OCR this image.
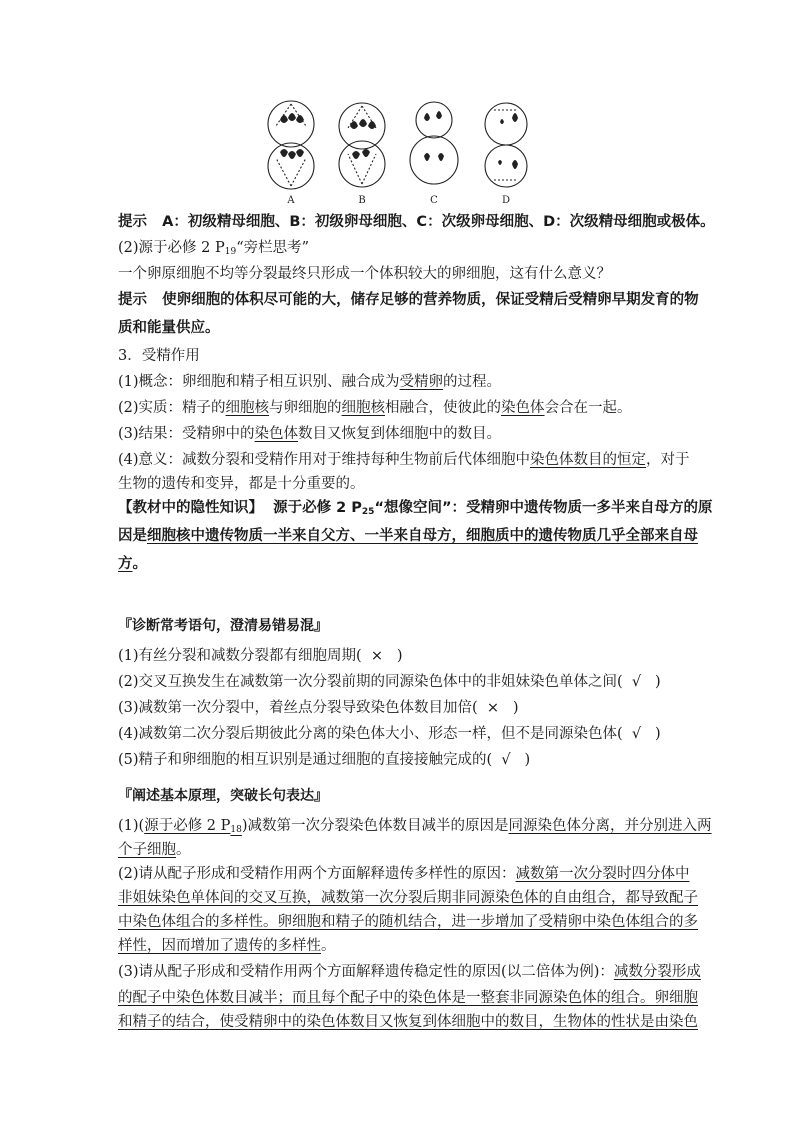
A	B	C	D
提示 A：初级精母细胞、B：初级卵母细胞、C：次级卵母细胞、D：次级精母细胞或极体。
(2)源于必修 2 $P_{19}“$旁栏思考”
一个卵原细胞不均等分裂最终只形成一个体积较大的卵细胞，这有什么意义？
提示 使卵细胞的体积尽可能的大，储存足够的营养物质，保证受精后受精卵早期发育的物
质和能量供应。
3．受精作用
(1)概念：卵细胞和精子相互识别、融合成为受精卵的过程。
(2)实质：精子的细胞核与卵细胞的细胞核相融合，使彼此的染色体会合在一起。
(3)结果：受精卵中的染色体数目又恢复到体细胞中的数目。
(4)意义：减数分裂和受精作用对于维持每种生物前后代体细胞中染色体数目的恒定，对于
生物的遗传和变异，都是十分重要的。
【教材中的隐性知识】 源于必修 2 $P_{25}“$想像空间”：受精卵中遗传物质一多半来自母方的原
因是细胞核中遗传物质一半来自父方、一半来自母方，细胞质中的遗传物质几乎全部来自母
方。
『诊断常考语句，澄清易错易混』
(1)有丝分裂和减数分裂都有细胞周期( × )
(2)交叉互换发生在减数第一次分裂前期的同源染色体中的非姐妹染色单体之间( √ )
(3)减数第一次分裂中，着丝点分裂导致染色体数目加倍( × )
(4)减数第二次分裂后期彼此分离的染色体大小、形态一样，但不是同源染色体( √ )
(5)精子和卵细胞的相互识别是通过细胞的直接接触完成的( √ )
『阐述基本原理，突破长句表达』
(1)(源于必修 2 $P_{18}$)减数第一次分裂染色体数目减半的原因是同源染色体分离，并分别进入两
个子细胞。
(2)请从配子形成和受精作用两个方面解释遗传多样性的原因：减数第一次分裂时四分体中
非姐妹染色单体间的交叉互换，减数第一次分裂后期非同源染色体的自由组合，都导致配子
中染色体组合的多样性。卵细胞和精子的随机结合，进一步增加了受精卵中染色体组合的多
样性，因而增加了遗传的多样性。
(3)请从配子形成和受精作用两个方面解释遗传稳定性的原因(以二倍体为例)：减数分裂形成
的配子中染色体数目减半；而且每个配子中的染色体是一整套非同源染色体的组合。卵细胞
和精子的结合，使受精卵中的染色体数目又恢复到体细胞中的数目，生物体的性状是由染色
